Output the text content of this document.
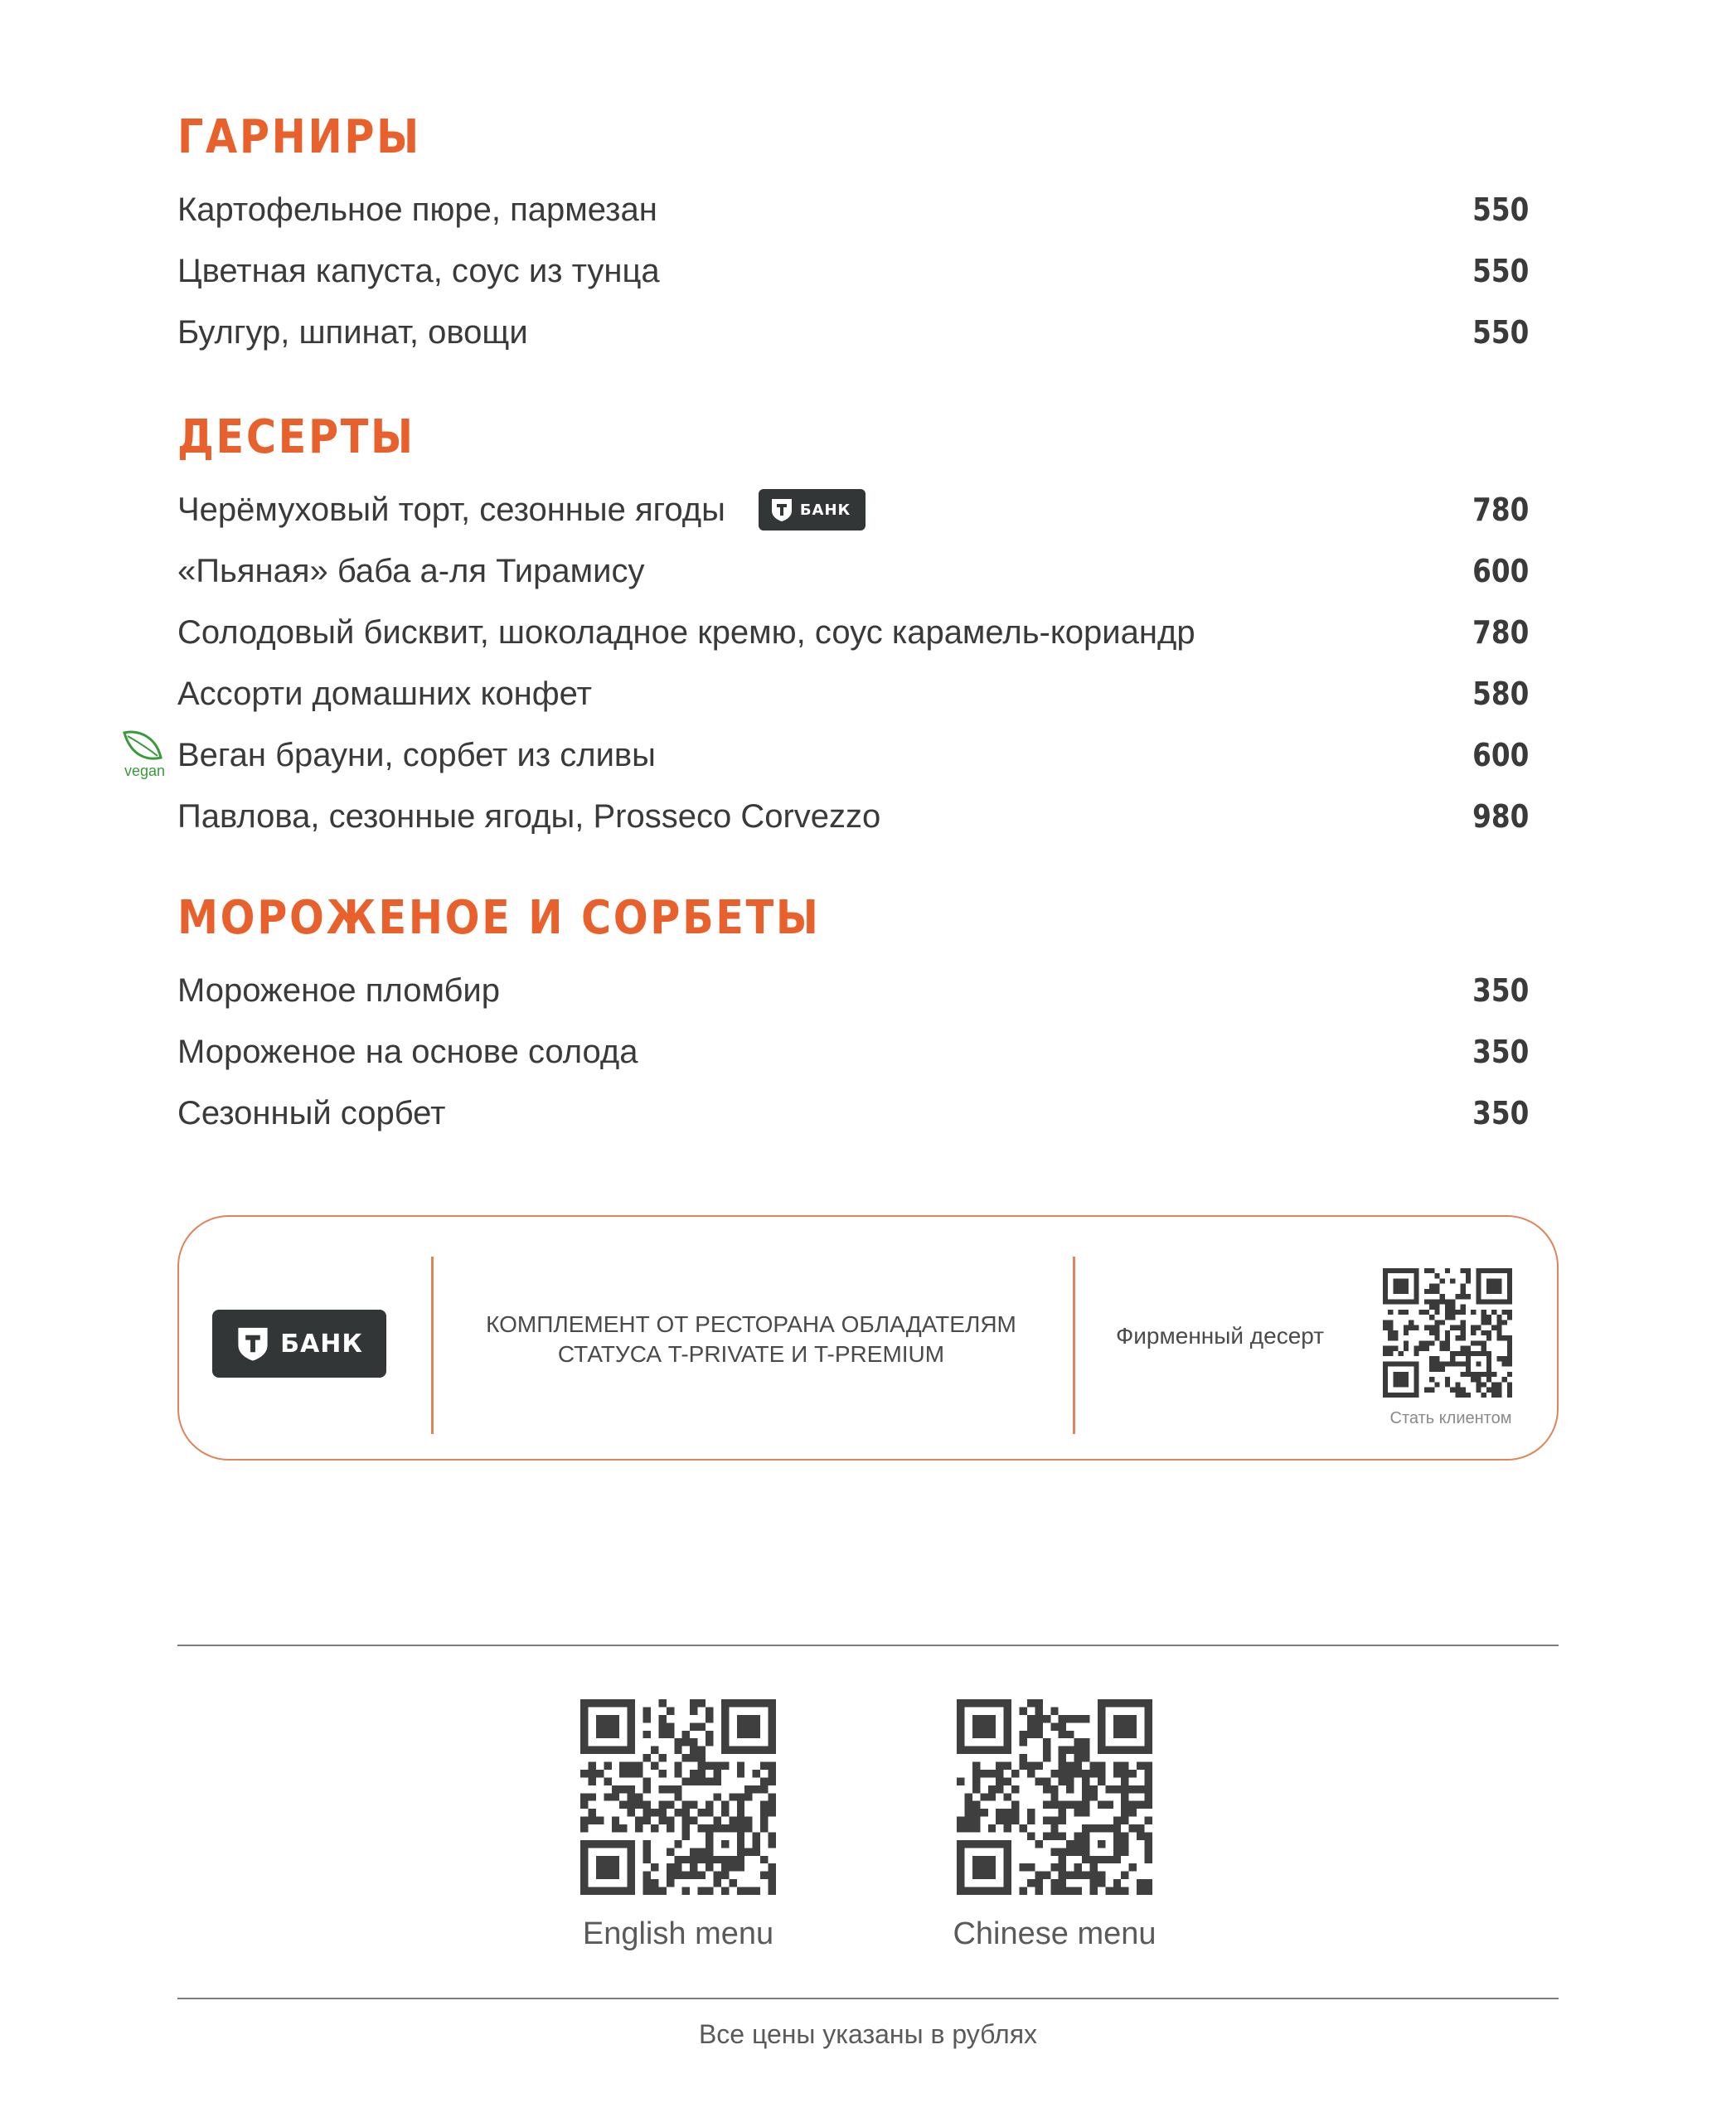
ГАРНИРЫ
Картофельное пюре, пармезан	550
Цветная капуста, соус из тунца	550
Булгур, шпинат, овощи	550
ДЕСЕРТЫ
Черёмуховый торт, сезонные ягоды	БАНК	780
«Пьяная» баба а-ля Тирамису	600
Солодовый бисквит, шоколадное кремю, соус карамель-кориандр	780
Ассорти домашних конфет	580
vegan Веган брауни, сорбет из сливы	600
Павлова, сезонные ягоды, Prosseco Corvezzo	980
МОРОЖЕНОЕ И СОРБЕТЫ
Мороженое пломбир	350
Мороженое на основе солода	350
Сезонный сорбет	350
БАНК
КОМПЛЕМЕНТ ОТ РЕСТОРАНА ОБЛАДАТЕЛЯМ
СТАТУСА T-PRIVATE И T-PREMIUM
Фирменный десерт
Стать клиентом
English menu	Chinese menu
Все цены указаны в рублях
